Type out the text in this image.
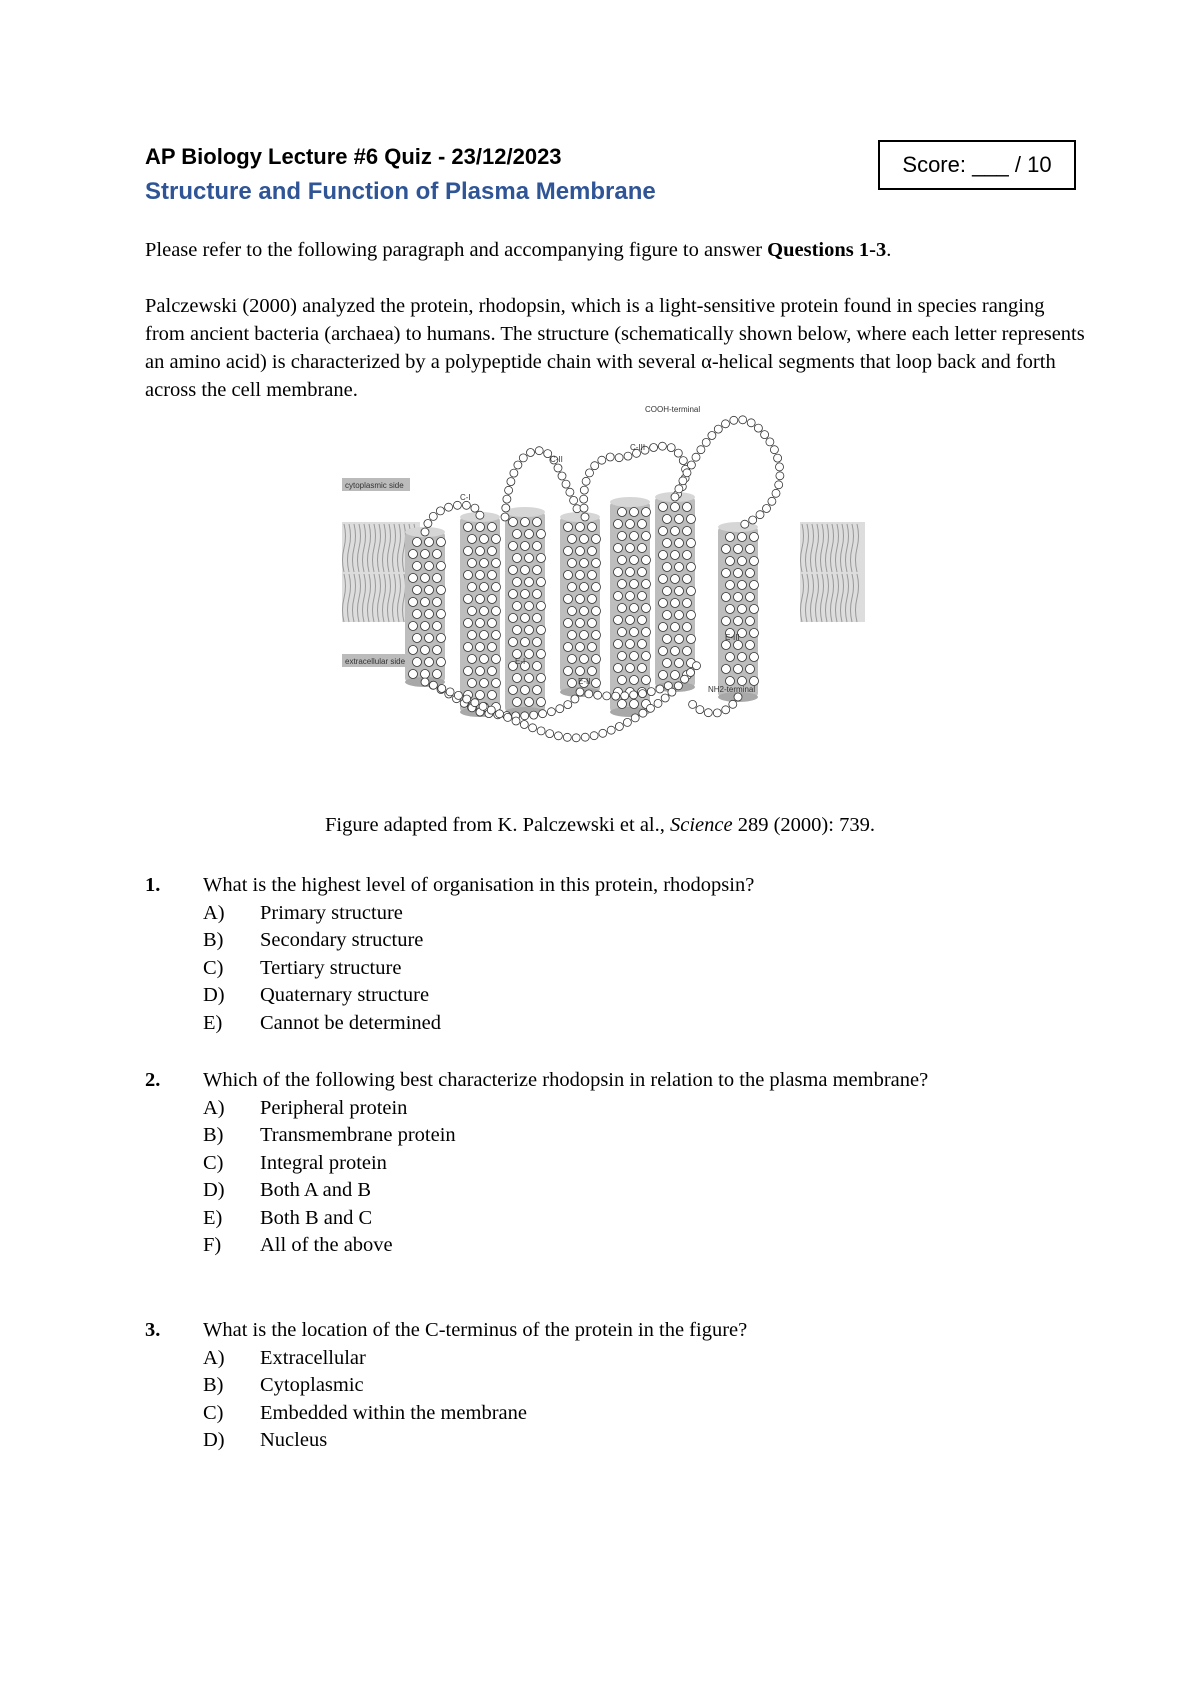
AP Biology Lecture #6 Quiz - 23/12/2023
Structure and Function of Plasma Membrane
Score: ___ / 10
Please refer to the following paragraph and accompanying figure to answer Questions 1-3.
Palczewski (2000) analyzed the protein, rhodopsin, which is a light-sensitive protein found in species ranging from ancient bacteria (archaea) to humans. The structure (schematically shown below, where each letter represents an amino acid) is characterized by a polypeptide chain with several α-helical segments that loop back and forth across the cell membrane.
cytoplasmic side
extracellular side
COOH-terminal
NH2-terminal
C-I
C-II
C-III
E-I
E-II
E-III
Figure adapted from K. Palczewski et al., Science 289 (2000): 739.
1. What is the highest level of organisation in this protein, rhodopsin?
A) Primary structure
B) Secondary structure
C) Tertiary structure
D) Quaternary structure
E) Cannot be determined
2. Which of the following best characterize rhodopsin in relation to the plasma membrane?
A) Peripheral protein
B) Transmembrane protein
C) Integral protein
D) Both A and B
E) Both B and C
F) All of the above
3. What is the location of the C-terminus of the protein in the figure?
A) Extracellular
B) Cytoplasmic
C) Embedded within the membrane
D) Nucleus
